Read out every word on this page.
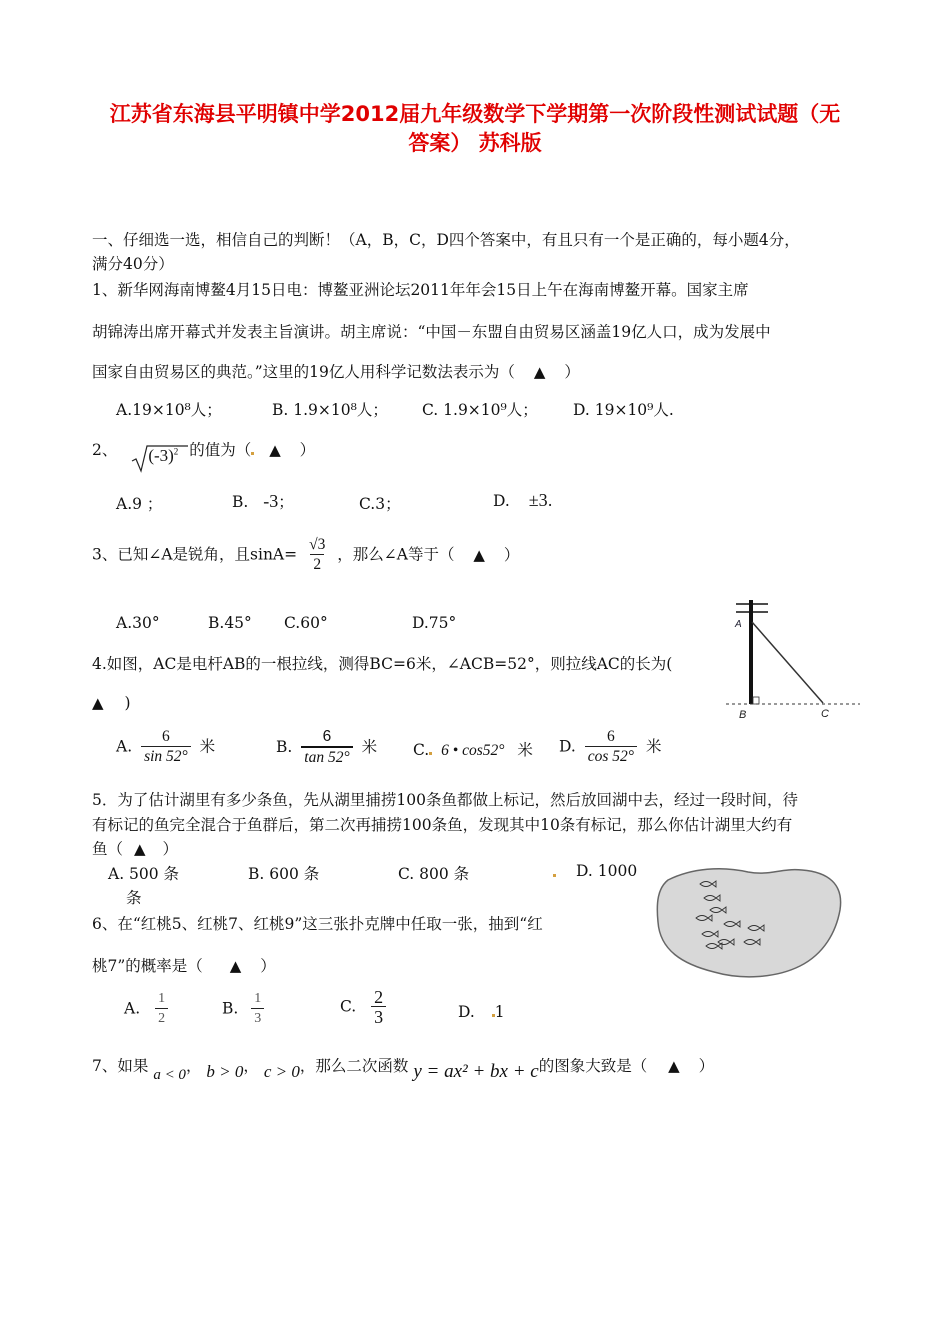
江苏省东海县平明镇中学2012届九年级数学下学期第一次阶段性测试试题（无
答案） 苏科版
一、仔细选一选，相信自己的判断！（A，B，C，D四个答案中，有且只有一个是正确的，每小题4分，
满分40分）
1、新华网海南博鳌4月15日电：博鳌亚洲论坛2011年年会15日上午在海南博鳌开幕。国家主席
胡锦涛出席开幕式并发表主旨演讲。胡主席说：“中国－东盟自由贸易区涵盖19亿人口，成为发展中
国家自由贸易区的典范。”这里的19亿人用科学记数法表示为（ ▲ ）
A.19×10⁸人；	B. 1.9×10⁸人； C. 1.9×10⁹人； D. 19×10⁹人.
2、 $(-3)^2$ 的值为（ ▲ ）
A.9 ；	B. -3；	C.3；	D. ±3.
3、已知∠A是锐角，且$\sin A= \frac{√3}{2}$ ，那么∠A等于（ ▲ ）
A.30°	B.45° C.60°	D.75°	A
B	C
4.如图，AC是电杆AB的一根拉线，测得BC=6米，∠ACB=52°，则拉线AC的长为(
▲ )
A. $\frac{6}{\sin 52^\circ}$ 米	B. $\frac{6}{\tan 52^\circ}$ 米 C. 6 • cos52° 米 D. $\frac{6}{\cos 52^\circ}$ 米
5．为了估计湖里有多少条鱼，先从湖里捕捞100条鱼都做上标记，然后放回湖中去，经过一段时间，待
有标记的鱼完全混合于鱼群后，第二次再捕捞100条鱼，发现其中10条有标记，那么你估计湖里大约有
鱼（ ▲ ）
A. 500 条	B. 600 条	C. 800 条	D. 1000
条
6、在“红桃5、红桃7、红桃9”这三张扑克牌中任取一张，抽到“红
桃7”的概率是（ ▲ ）
A. $\frac{1}{2}$	B. $\frac{1}{3}$	C. $\frac{2}{3}$	D. 1
7、如果 a < 0， b > 0， c > 0，那么二次函数 y = ax² + bx + c的图象大致是（ ▲ ）
